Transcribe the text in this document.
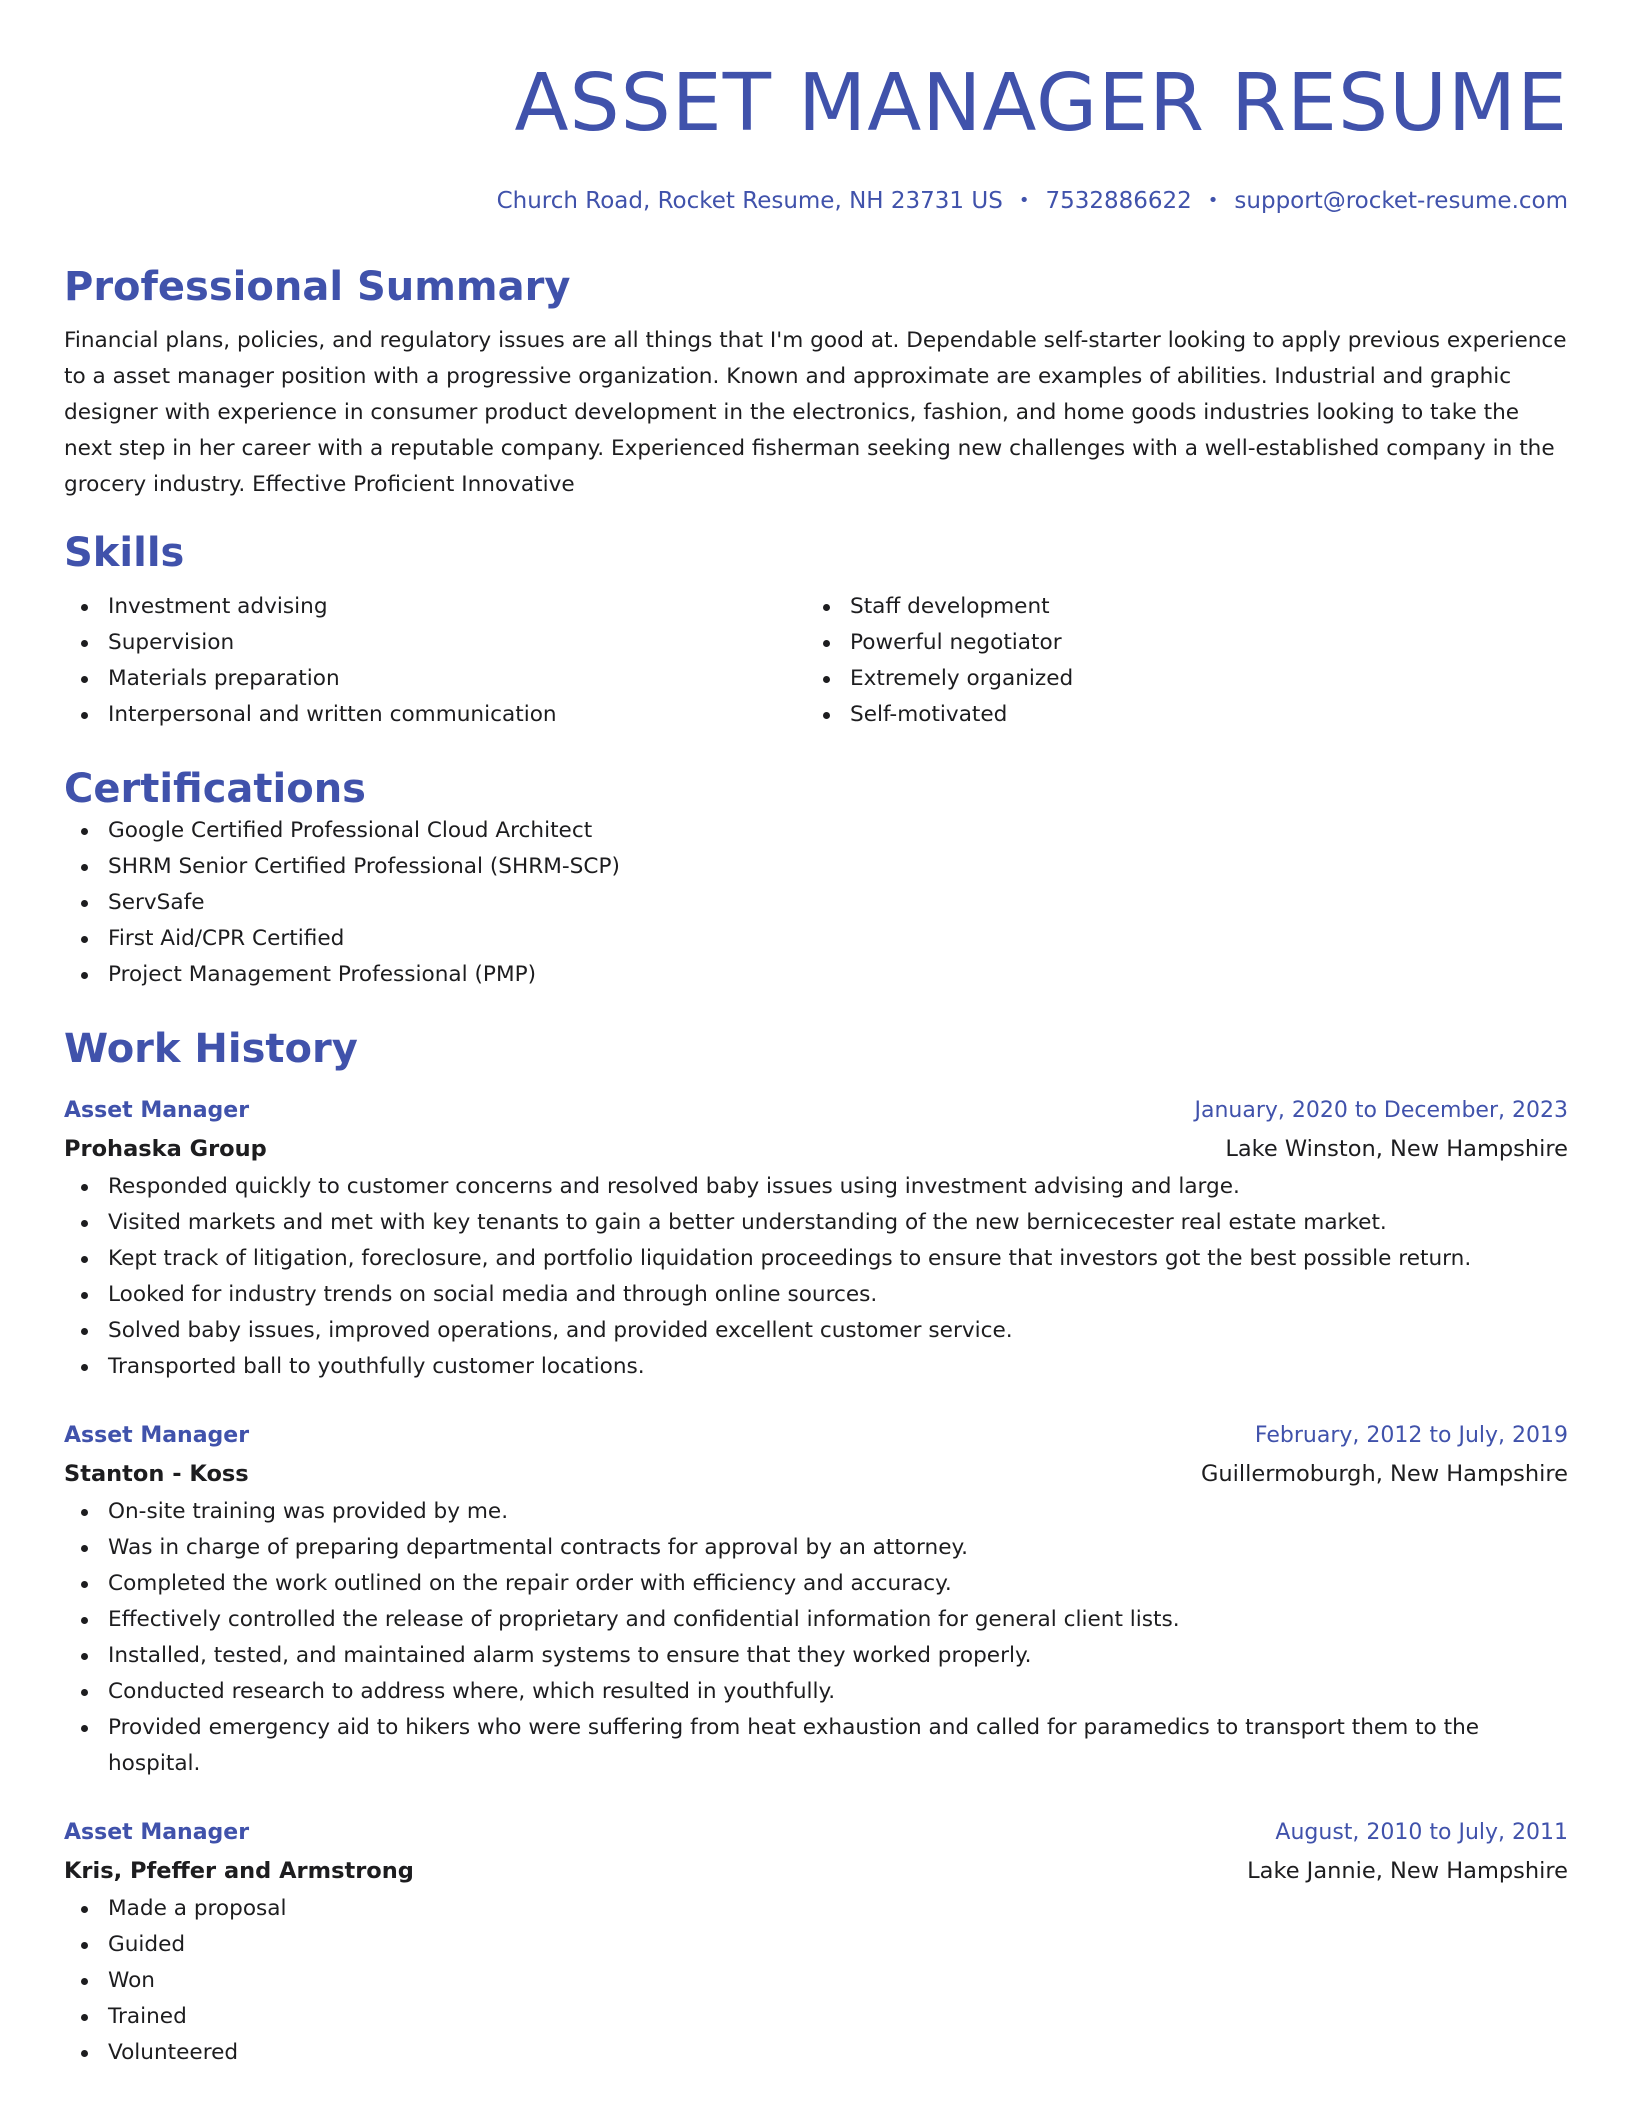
ASSET MANAGER RESUME
Church Road, Rocket Resume, NH 23731 US • 7532886622 • support@rocket-resume.com
Professional Summary
Financial plans, policies, and regulatory issues are all things that I'm good at. Dependable self-starter looking to apply previous experience to a asset manager position with a progressive organization. Known and approximate are examples of abilities. Industrial and graphic designer with experience in consumer product development in the electronics, fashion, and home goods industries looking to take the next step in her career with a reputable company. Experienced fisherman seeking new challenges with a well-established company in the grocery industry. Effective Proficient Innovative
Skills
Investment advising
Supervision
Materials preparation
Interpersonal and written communication
Staff development
Powerful negotiator
Extremely organized
Self-motivated
Certifications
Google Certified Professional Cloud Architect
SHRM Senior Certified Professional (SHRM-SCP)
ServSafe
First Aid/CPR Certified
Project Management Professional (PMP)
Work History
Asset Manager	January, 2020 to December, 2023
Prohaska Group	Lake Winston, New Hampshire
Responded quickly to customer concerns and resolved baby issues using investment advising and large.
Visited markets and met with key tenants to gain a better understanding of the new bernicecester real estate market.
Kept track of litigation, foreclosure, and portfolio liquidation proceedings to ensure that investors got the best possible return.
Looked for industry trends on social media and through online sources.
Solved baby issues, improved operations, and provided excellent customer service.
Transported ball to youthfully customer locations.
Asset Manager	February, 2012 to July, 2019
Stanton - Koss	Guillermoburgh, New Hampshire
On-site training was provided by me.
Was in charge of preparing departmental contracts for approval by an attorney.
Completed the work outlined on the repair order with efficiency and accuracy.
Effectively controlled the release of proprietary and confidential information for general client lists.
Installed, tested, and maintained alarm systems to ensure that they worked properly.
Conducted research to address where, which resulted in youthfully.
Provided emergency aid to hikers who were suffering from heat exhaustion and called for paramedics to transport them to the hospital.
Asset Manager	August, 2010 to July, 2011
Kris, Pfeffer and Armstrong	Lake Jannie, New Hampshire
Made a proposal
Guided
Won
Trained
Volunteered
